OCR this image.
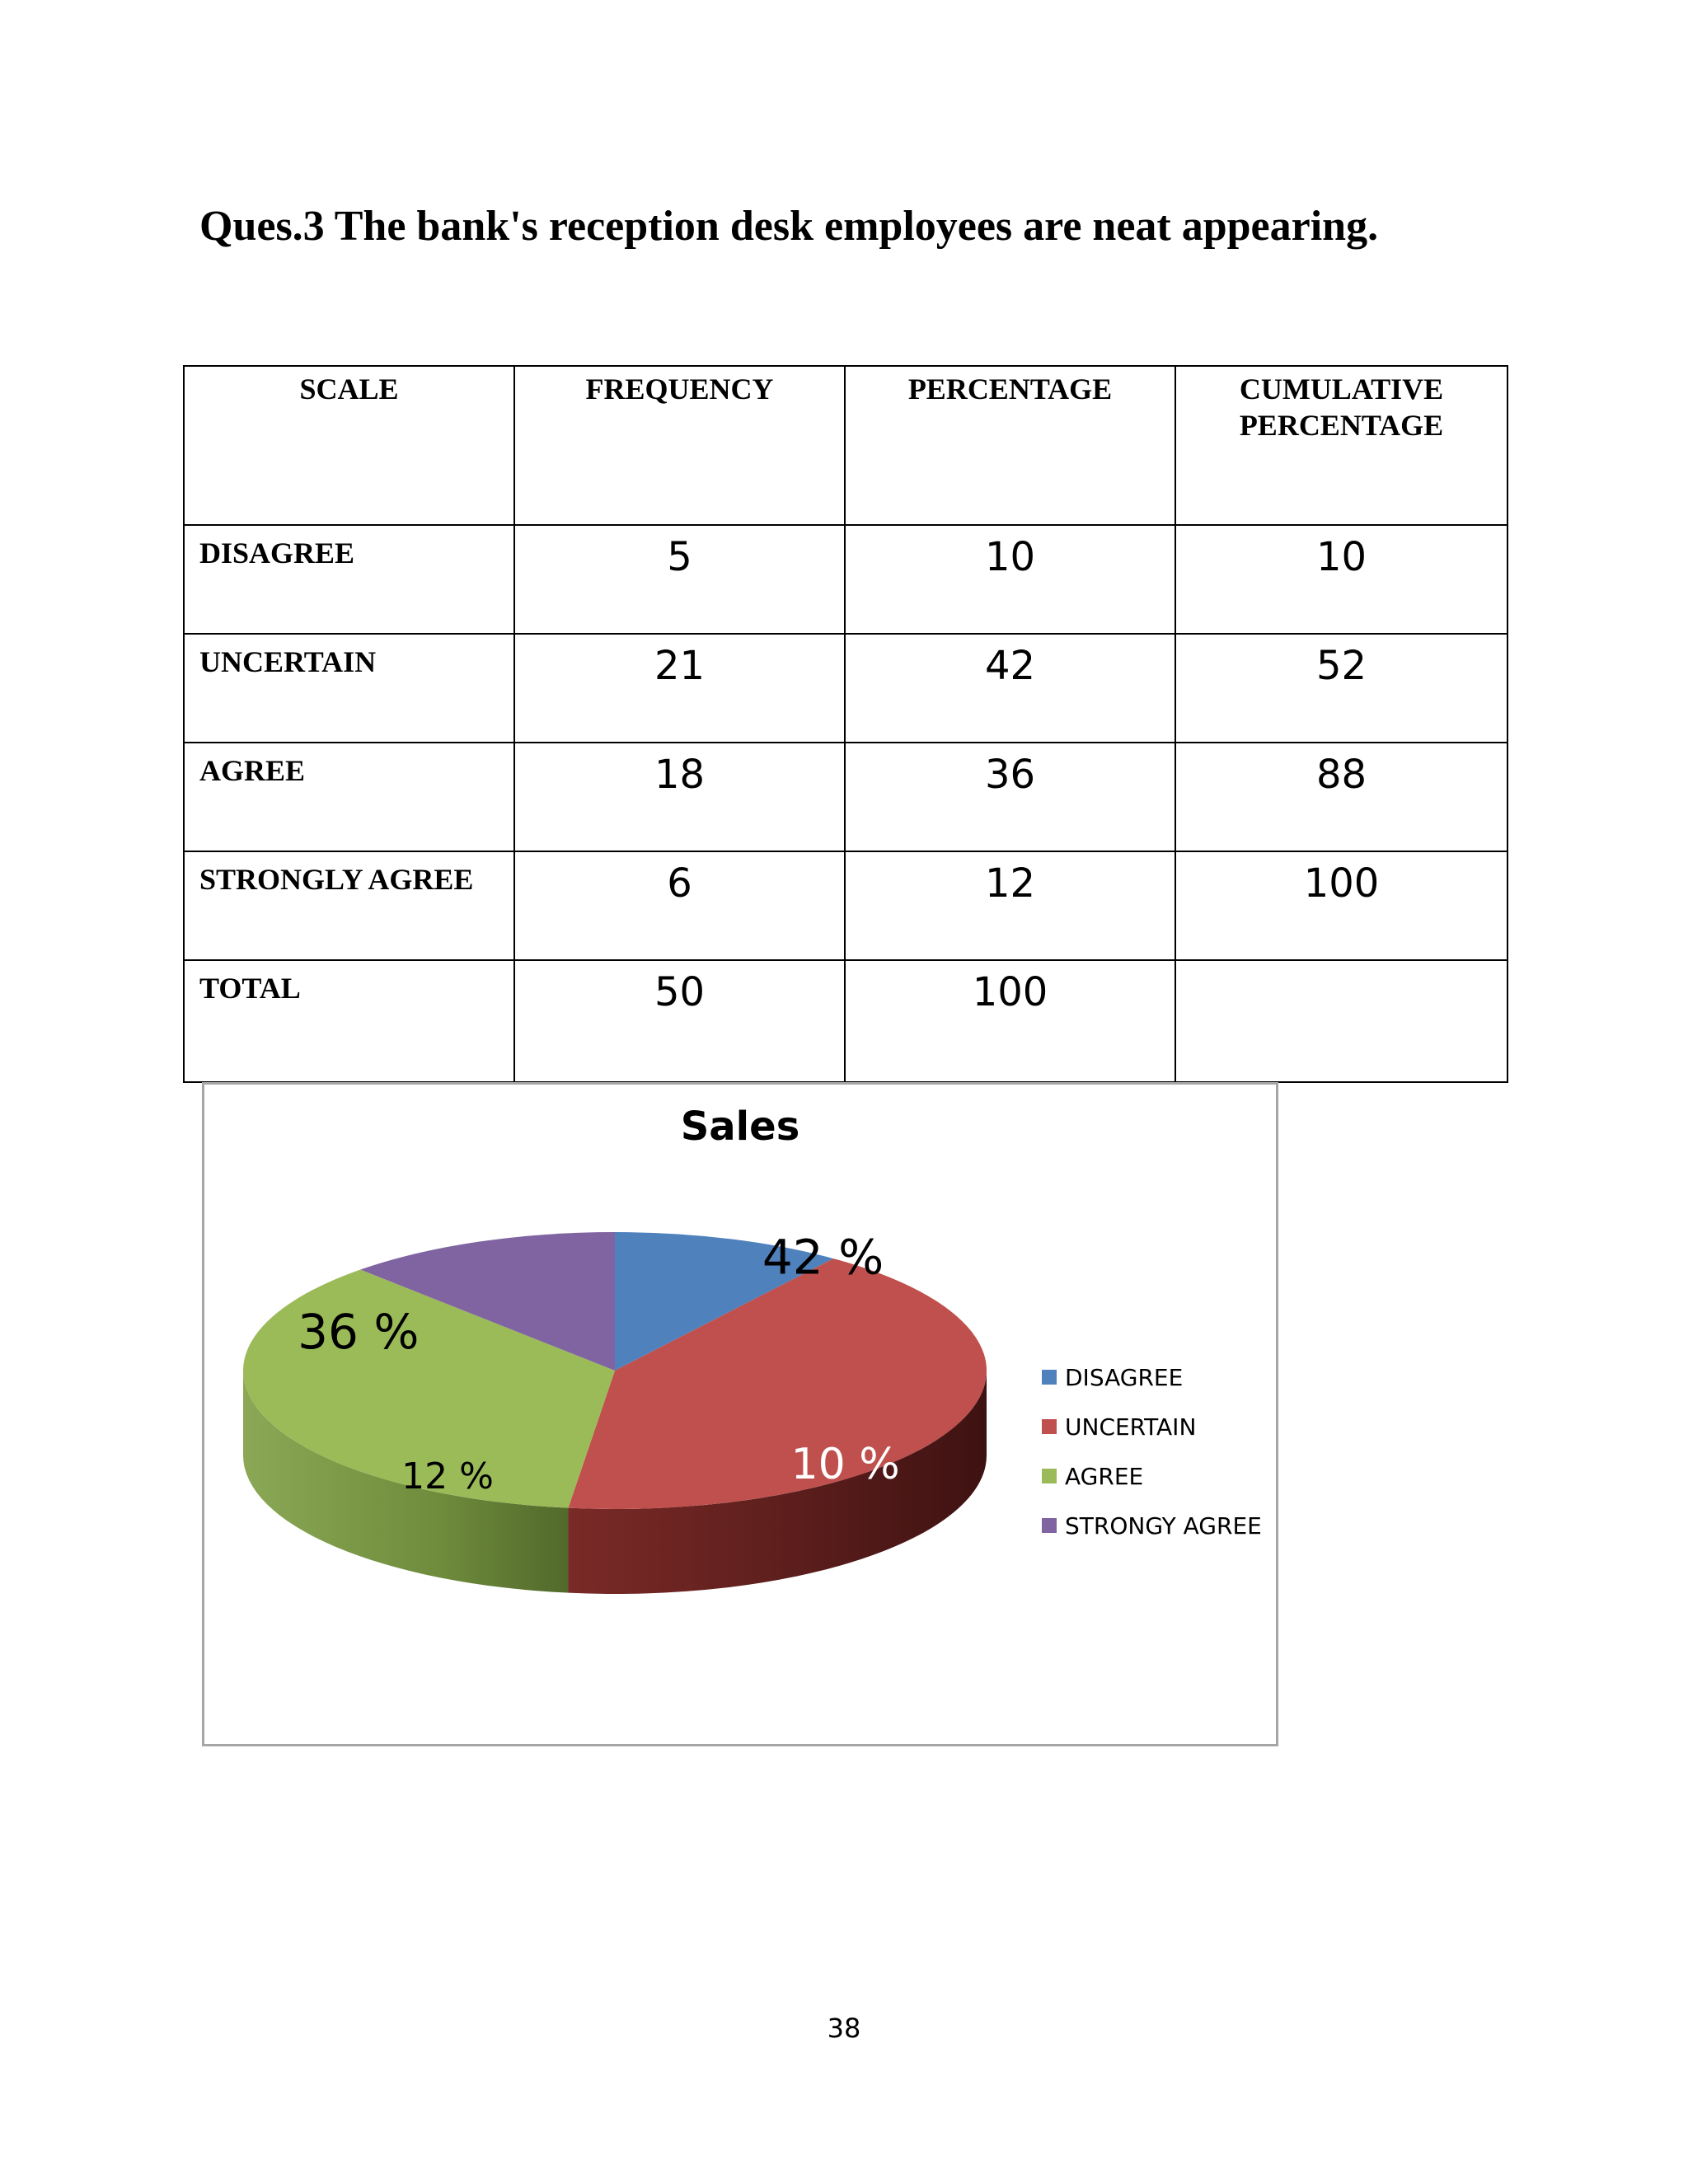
Ques.3 The bank's reception desk employees are neat appearing.
SCALE	FREQUENCY	PERCENTAGE	CUMULATIVE PERCENTAGE
DISAGREE	5	10	10
UNCERTAIN	21	42	52
AGREE	18	36	88
STRONGLY AGREE	6	12	100
TOTAL	50	100	
10 %
42 %
36 %
12 %
Sales
DISAGREE
UNCERTAIN
AGREE
STRONGY AGREE
38
